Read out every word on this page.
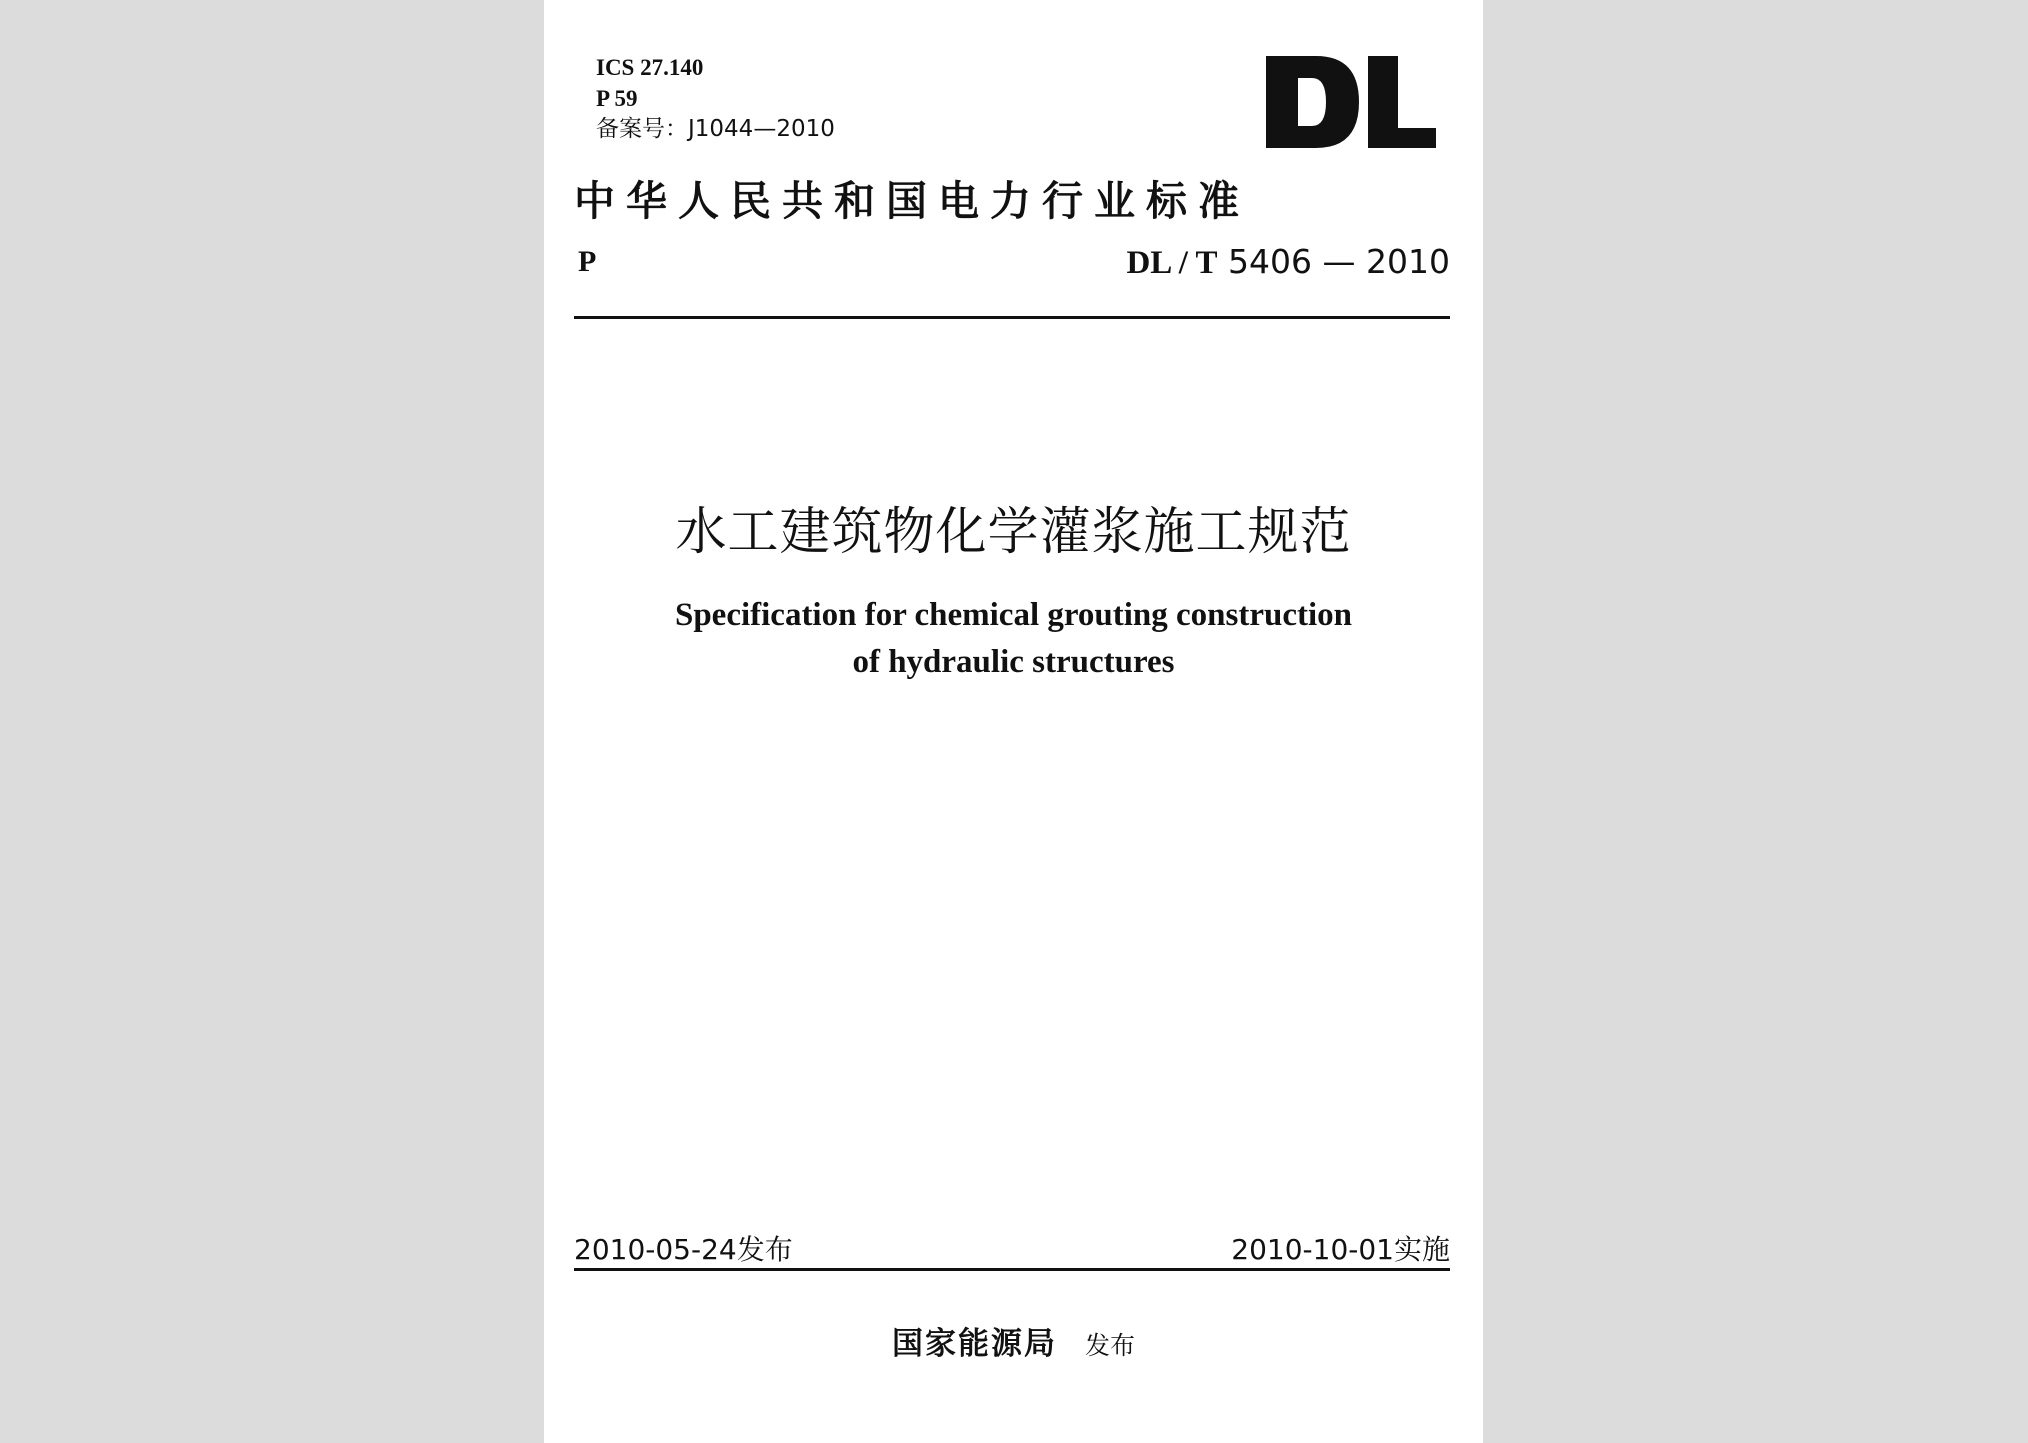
ICS 27.140
P 59
备案号：J1044—2010
中华人民共和国电力行业标准
P	DL / T 5406 — 2010
水工建筑物化学灌浆施工规范
Specification for chemical grouting construction
of hydraulic structures
2010-05-24发布	2010-10-01实施
国家能源局 发布
